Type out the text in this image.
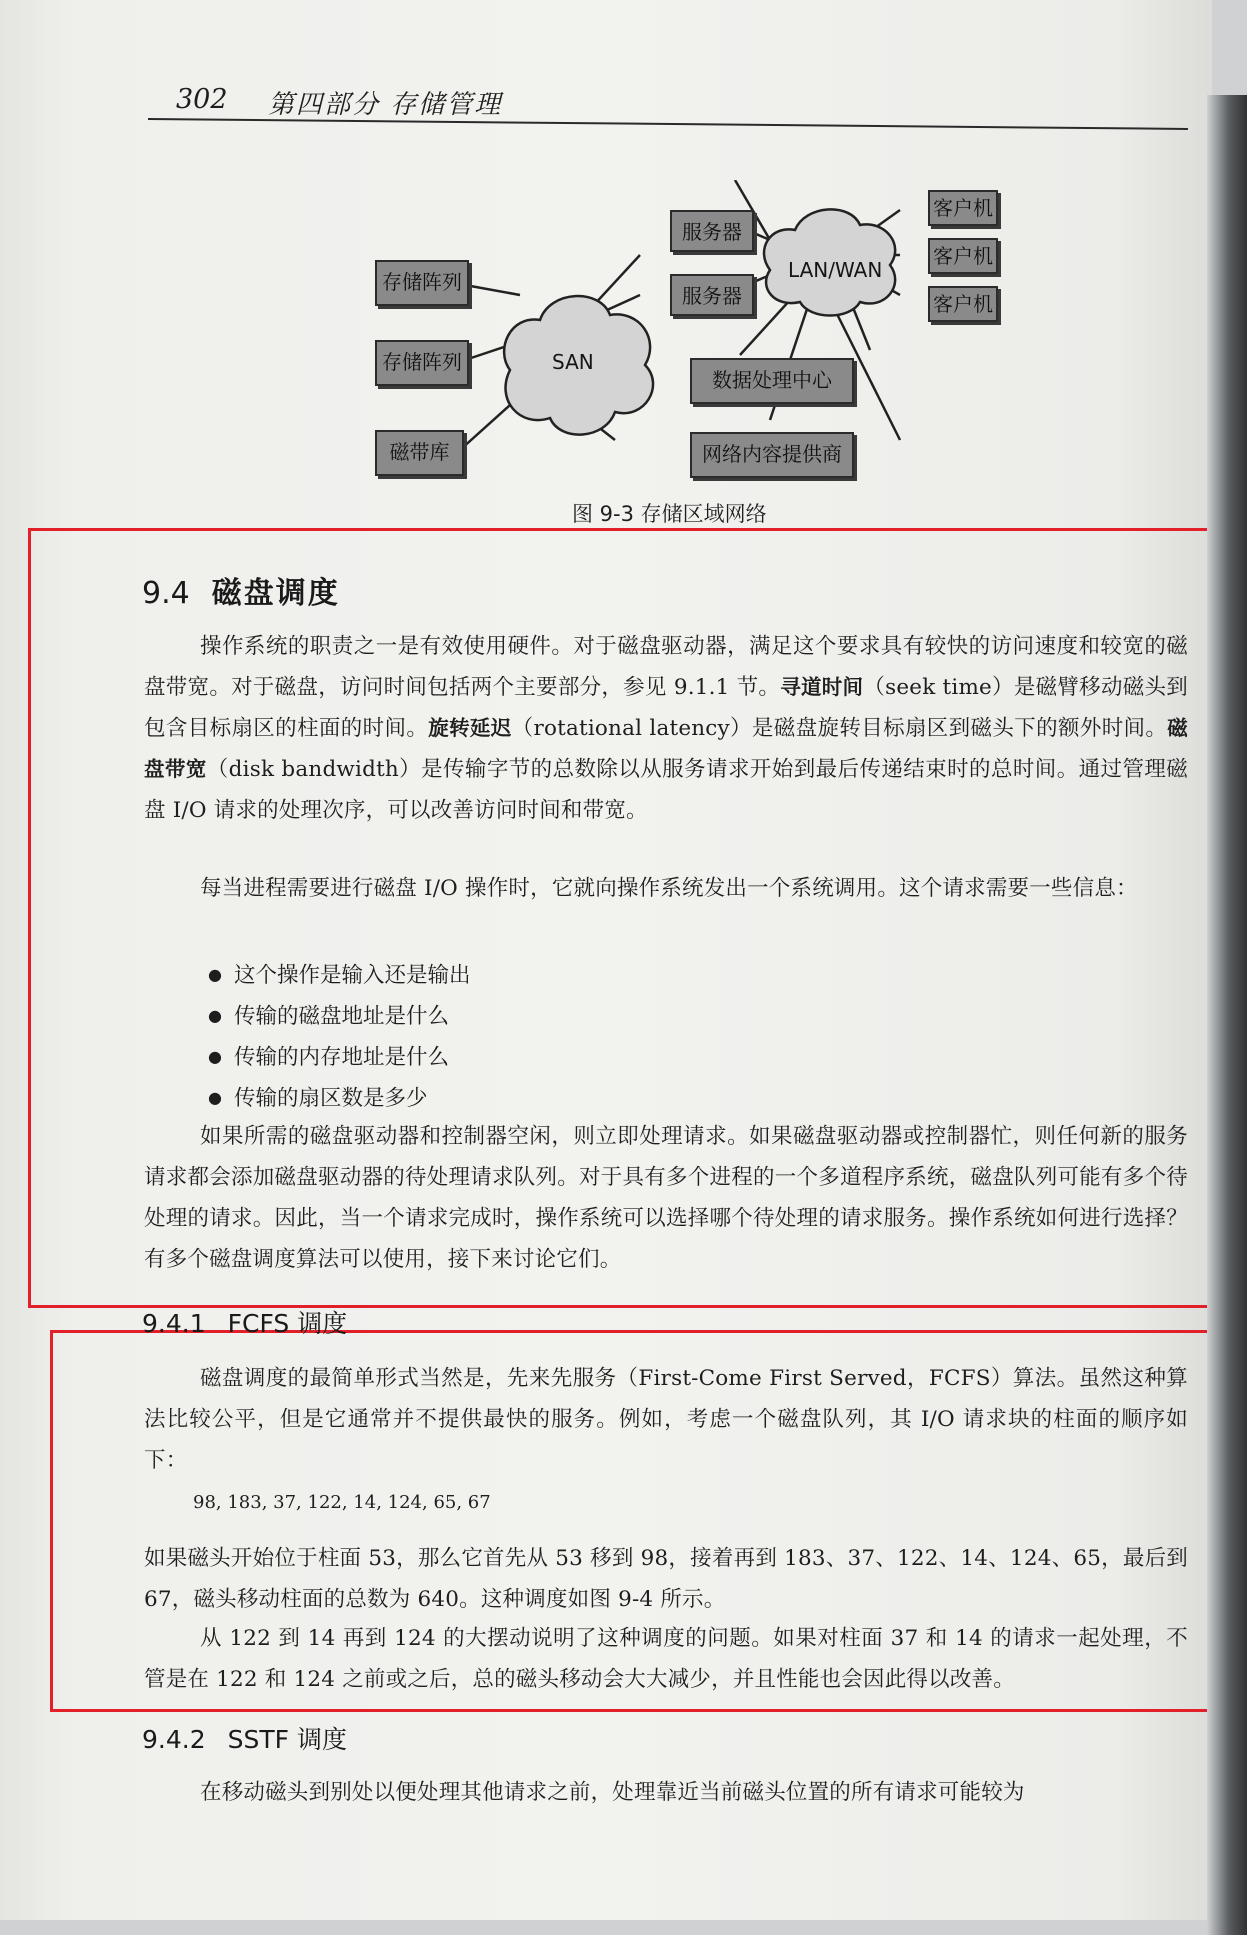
302 第四部分 存储管理
SAN
LAN/WAN
存储阵列
存储阵列
磁带库
服务器
服务器
客户机
客户机
客户机
数据处理中心
网络内容提供商
图 9-3 存储区域网络
9.4 磁盘调度
操作系统的职责之一是有效使用硬件。对于磁盘驱动器，满足这个要求具有较快的访问速度和较宽的磁盘带宽。对于磁盘，访问时间包括两个主要部分，参见 9.1.1 节。寻道时间（seek time）是磁臂移动磁头到包含目标扇区的柱面的时间。旋转延迟（rotational latency）是磁盘旋转目标扇区到磁头下的额外时间。磁盘带宽（disk bandwidth）是传输字节的总数除以从服务请求开始到最后传递结束时的总时间。通过管理磁盘 I/O 请求的处理次序，可以改善访问时间和带宽。
每当进程需要进行磁盘 I/O 操作时，它就向操作系统发出一个系统调用。这个请求需要一些信息：
● 这个操作是输入还是输出
● 传输的磁盘地址是什么
● 传输的内存地址是什么
● 传输的扇区数是多少
如果所需的磁盘驱动器和控制器空闲，则立即处理请求。如果磁盘驱动器或控制器忙，则任何新的服务请求都会添加磁盘驱动器的待处理请求队列。对于具有多个进程的一个多道程序系统，磁盘队列可能有多个待处理的请求。因此，当一个请求完成时，操作系统可以选择哪个待处理的请求服务。操作系统如何进行选择？有多个磁盘调度算法可以使用，接下来讨论它们。
9.4.1 FCFS 调度
磁盘调度的最简单形式当然是，先来先服务（First-Come First Served，FCFS）算法。虽然这种算法比较公平，但是它通常并不提供最快的服务。例如，考虑一个磁盘队列，其 I/O 请求块的柱面的顺序如下：
98, 183, 37, 122, 14, 124, 65, 67
如果磁头开始位于柱面 53，那么它首先从 53 移到 98，接着再到 183、37、122、14、124、65，最后到 67，磁头移动柱面的总数为 640。这种调度如图 9-4 所示。
从 122 到 14 再到 124 的大摆动说明了这种调度的问题。如果对柱面 37 和 14 的请求一起处理，不管是在 122 和 124 之前或之后，总的磁头移动会大大减少，并且性能也会因此得以改善。
9.4.2 SSTF 调度
在移动磁头到别处以便处理其他请求之前，处理靠近当前磁头位置的所有请求可能较为
